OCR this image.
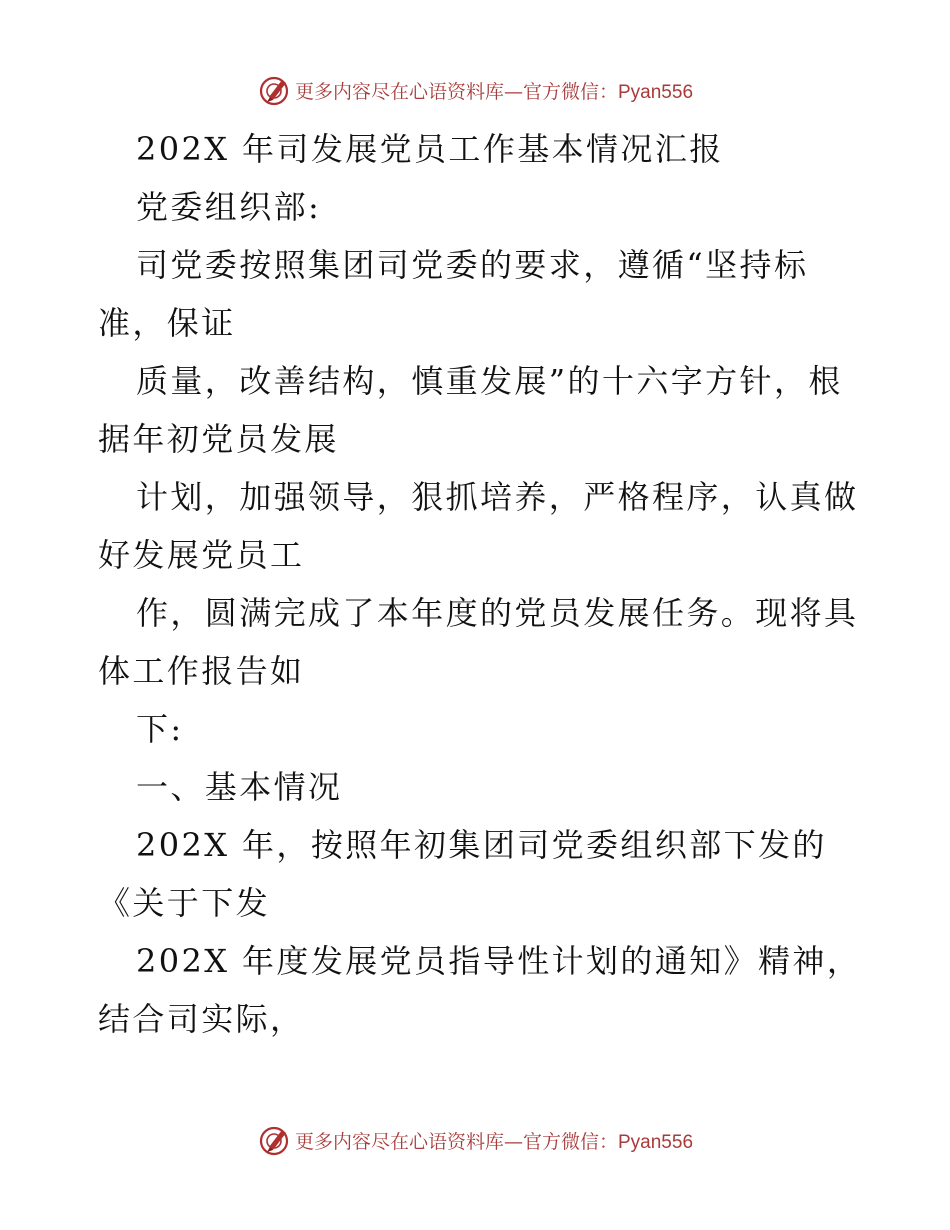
更多内容尽在心语资料库—官方微信：Pyan556
202X 年司发展党员工作基本情况汇报
党委组织部:
司党委按照集团司党委的要求，遵循“坚持标
准，保证
质量，改善结构，慎重发展”的十六字方针，根
据年初党员发展
计划，加强领导，狠抓培养，严格程序，认真做
好发展党员工
作，圆满完成了本年度的党员发展任务。现将具
体工作报告如
下:
一、基本情况
202X 年，按照年初集团司党委组织部下发的
《关于下发
202X 年度发展党员指导性计划的通知》精神，
结合司实际，
更多内容尽在心语资料库—官方微信：Pyan556
